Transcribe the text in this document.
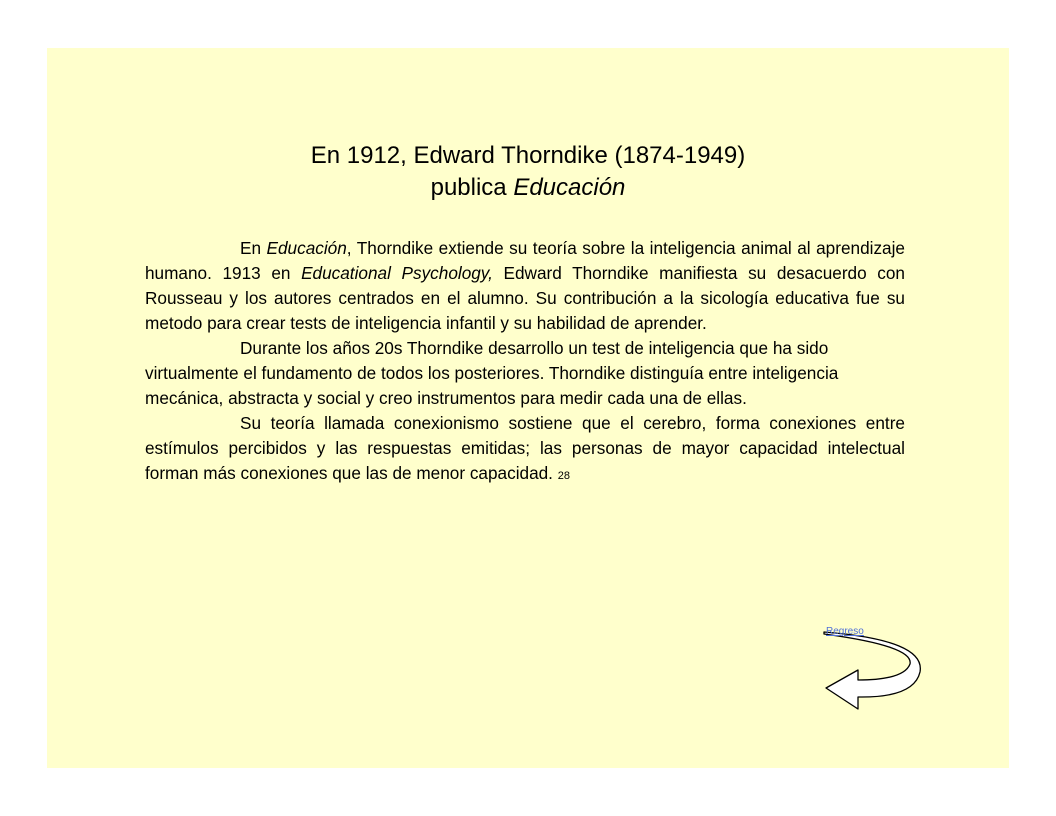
En 1912, Edward Thorndike (1874-1949)
publica Educación

En Educación, Thorndike extiende su teoría sobre la inteligencia animal al aprendizaje humano. 1913 en Educational Psychology, Edward Thorndike manifiesta su desacuerdo con Rousseau y los autores centrados en el alumno. Su contribución a la sicología educativa fue su metodo para crear tests de inteligencia infantil y su habilidad de aprender.

Durante los años 20s Thorndike desarrollo un test de inteligencia que ha sido virtualmente el fundamento de todos los posteriores. Thorndike distinguía entre inteligencia mecánica, abstracta y social y creo instrumentos para medir cada una de ellas.

Su teoría llamada conexionismo sostiene que el cerebro, forma conexiones entre estímulos percibidos y las respuestas emitidas; las personas de mayor capacidad intelectual forman más conexiones que las de menor capacidad. 28

Regreso
